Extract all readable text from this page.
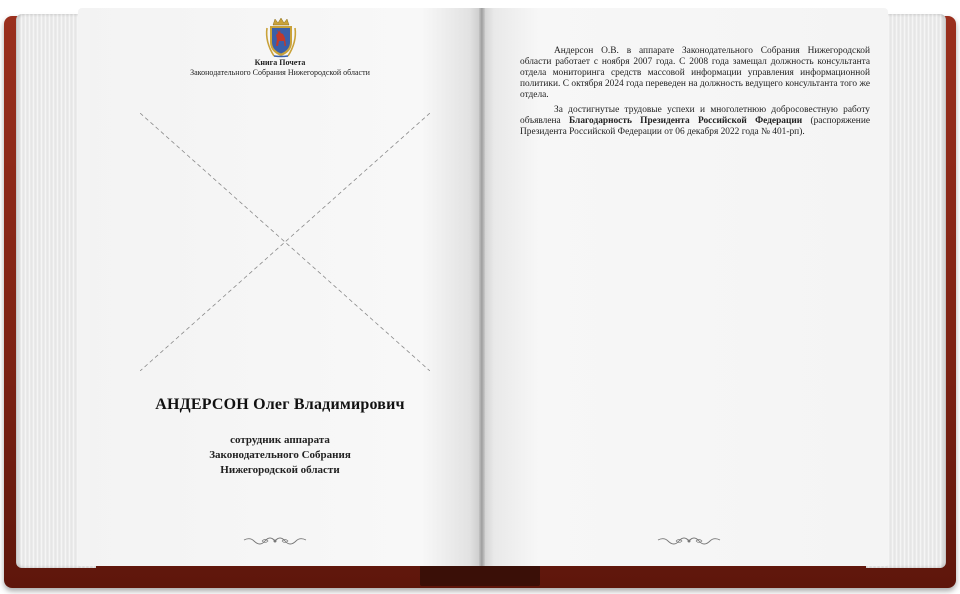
Книга Почета
Законодательного Собрания Нижегородской области
АНДЕРСОН Олег Владимирович
сотрудник аппарата
Законодательного Собрания
Нижегородской области

Андерсон О.В. в аппарате Законодательного Собрания Нижегородской области работает с ноября 2007 года. С 2008 года замещал должность консультанта отдела мониторинга средств массовой информации управления информационной политики. С октября 2024 года переведен на должность ведущего консультанта того же отдела.

За достигнутые трудовые успехи и многолетнюю добросовестную работу объявлена Благодарность Президента Российской Федерации (распоряжение Президента Российской Федерации от 06 декабря 2022 года № 401-рп).
